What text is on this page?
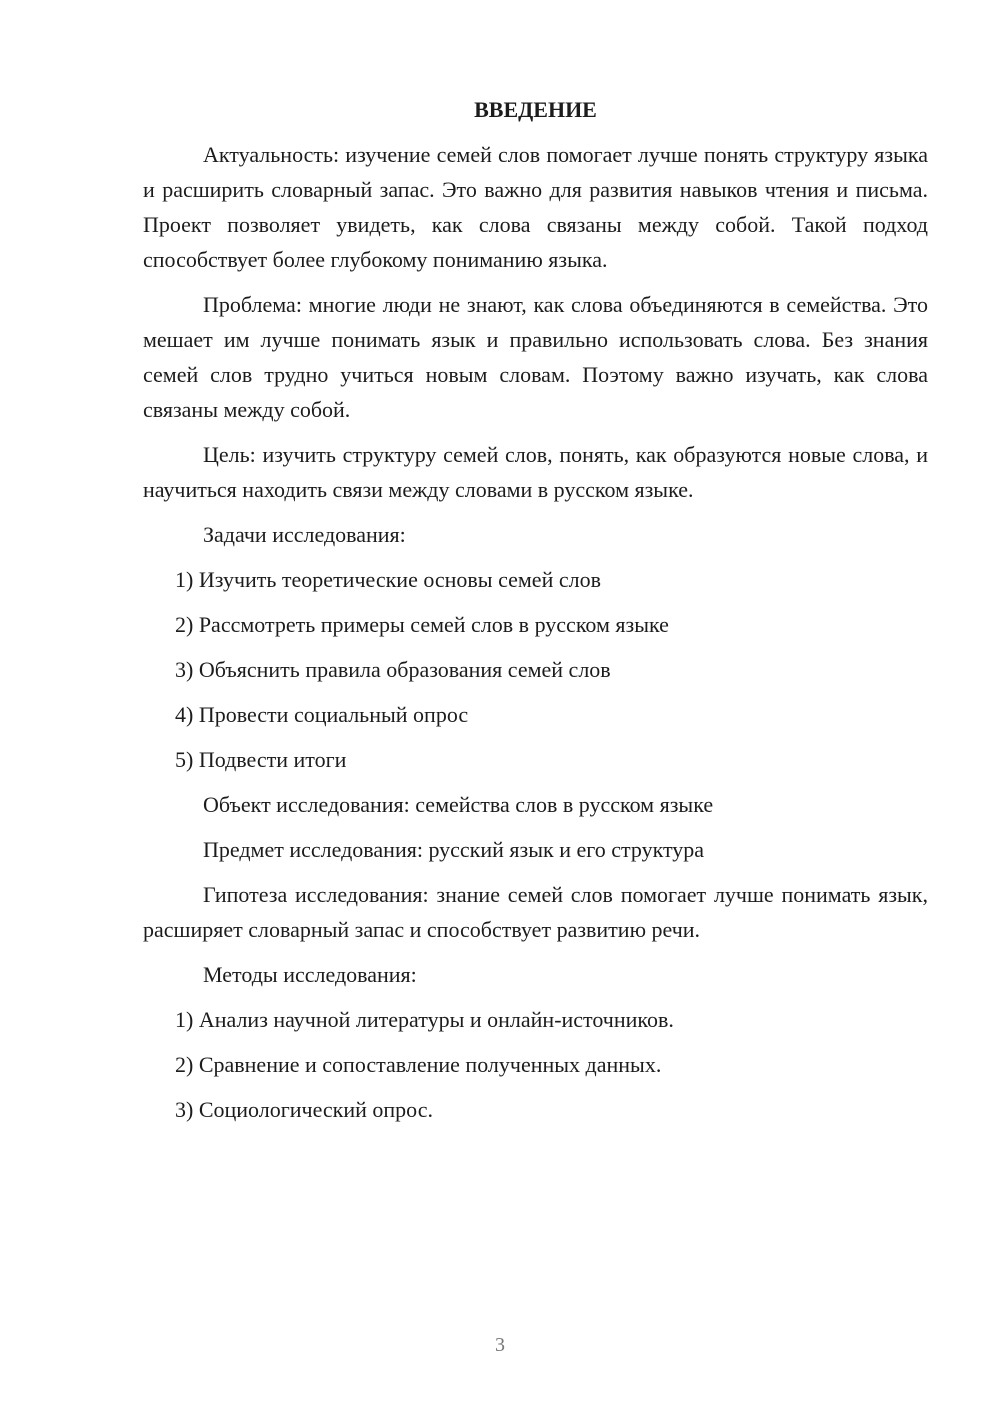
ВВЕДЕНИЕ

Актуальность: изучение семей слов помогает лучше понять структуру языка и расширить словарный запас. Это важно для развития навыков чтения и письма. Проект позволяет увидеть, как слова связаны между собой. Такой подход способствует более глубокому пониманию языка.

Проблема: многие люди не знают, как слова объединяются в семейства. Это мешает им лучше понимать язык и правильно использовать слова. Без знания семей слов трудно учиться новым словам. Поэтому важно изучать, как слова связаны между собой.

Цель: изучить структуру семей слов, понять, как образуются новые слова, и научиться находить связи между словами в русском языке.

Задачи исследования:

1) Изучить теоретические основы семей слов

2) Рассмотреть примеры семей слов в русском языке

3) Объяснить правила образования семей слов

4) Провести социальный опрос

5) Подвести итоги

Объект исследования: семейства слов в русском языке

Предмет исследования: русский язык и его структура

Гипотеза исследования: знание семей слов помогает лучше понимать язык, расширяет словарный запас и способствует развитию речи.

Методы исследования:

1) Анализ научной литературы и онлайн-источников.

2) Сравнение и сопоставление полученных данных.

3) Социологический опрос.

3
